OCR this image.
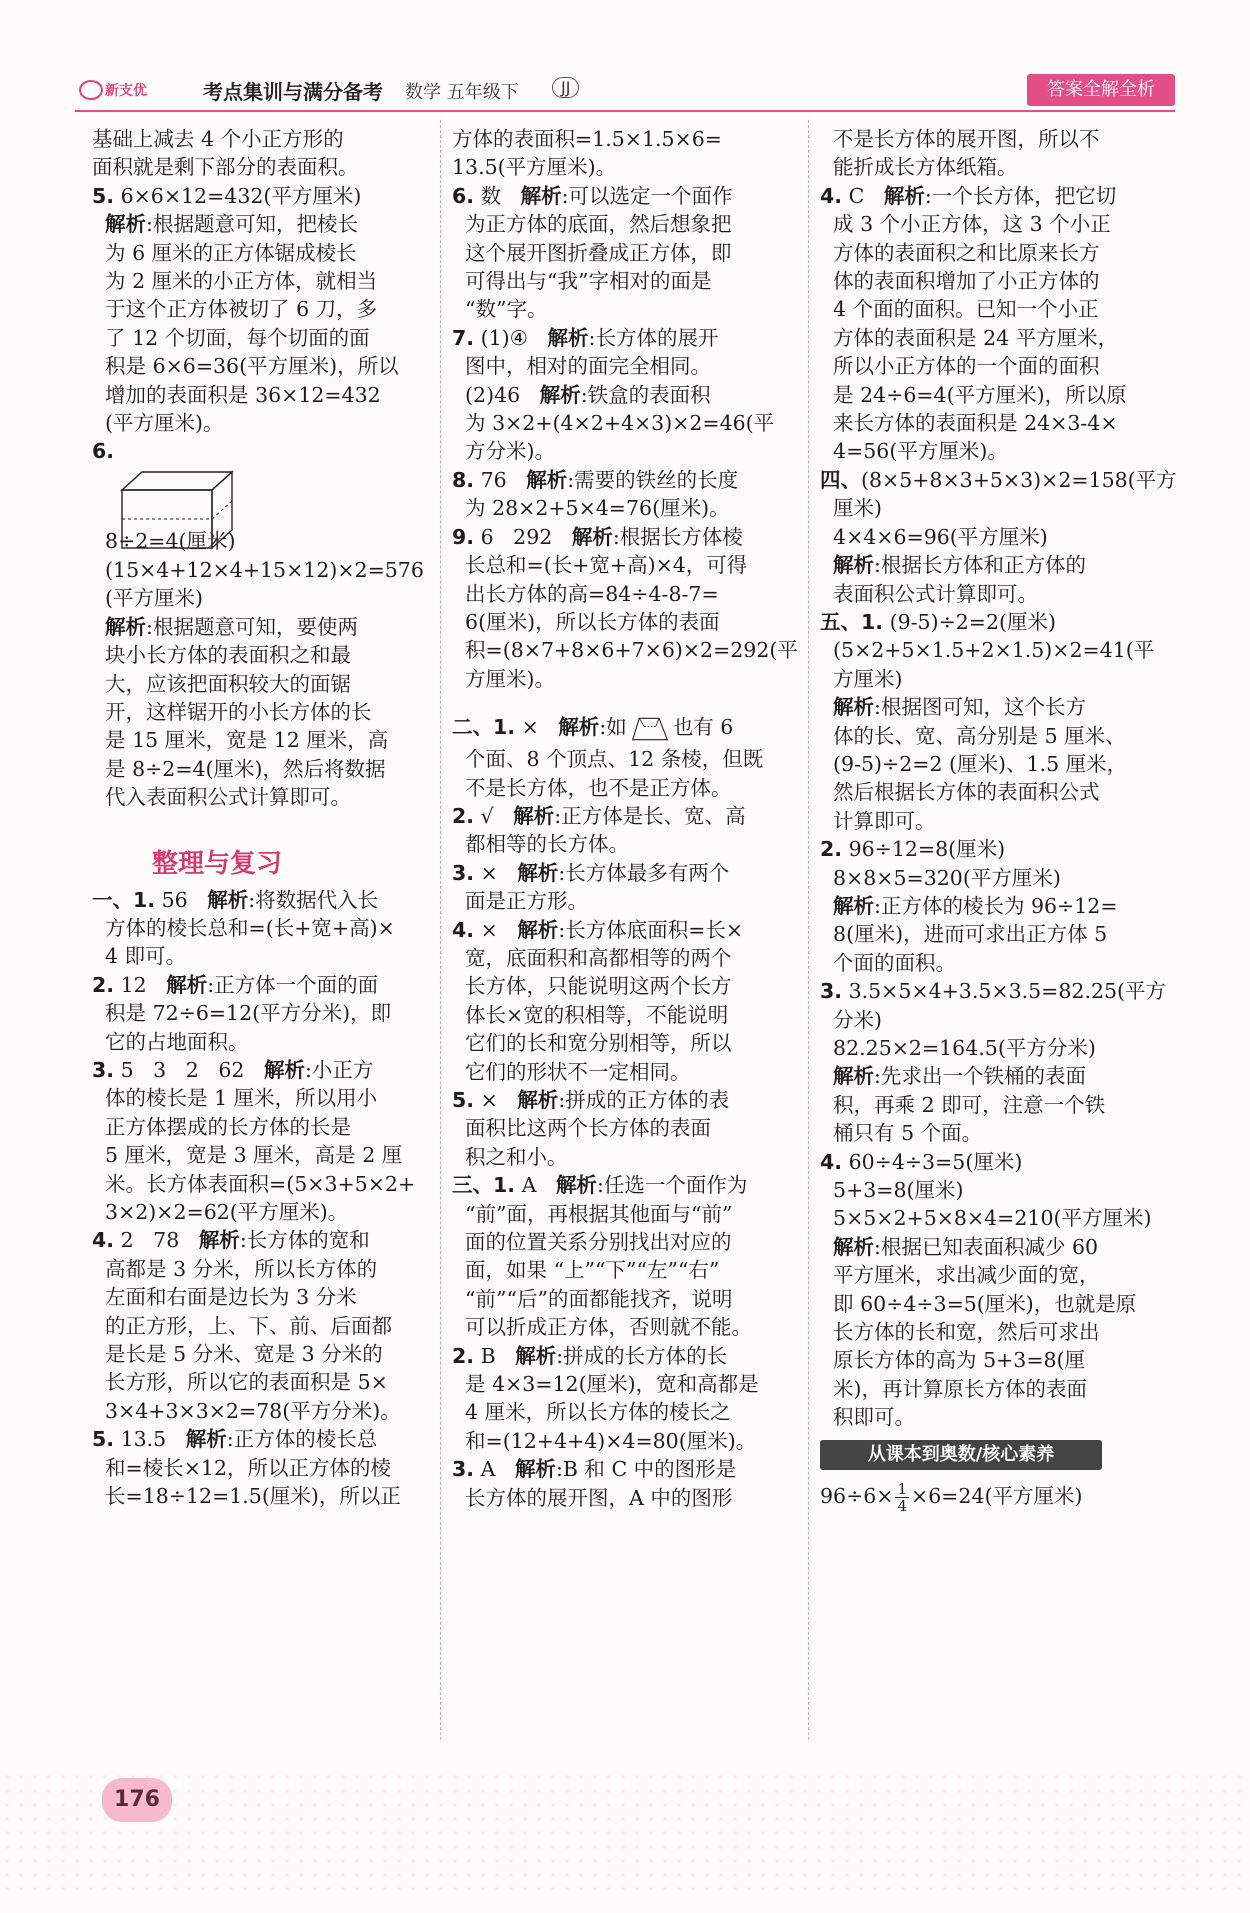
新支优	考点集训与满分备考 数学 五年级下	JJ	答案全解全析

基础上减去 4 个小正方形的

面积就是剩下部分的表面积。

5. 6×6×12=432(平方厘米)

解析:根据题意可知，把棱长

为 6 厘米的正方体锯成棱长

为 2 厘米的小正方体，就相当

于这个正方体被切了 6 刀，多

了 12 个切面，每个切面的面

积是 6×6=36(平方厘米)，所以

增加的表面积是 36×12=432

(平方厘米)。

6.

8÷2=4(厘米)

(15×4+12×4+15×12)×2=576

(平方厘米)

解析:根据题意可知，要使两

块小长方体的表面积之和最

大，应该把面积较大的面锯

开，这样锯开的小长方体的长

是 15 厘米，宽是 12 厘米，高

是 8÷2=4(厘米)，然后将数据

代入表面积公式计算即可。

整理与复习

一、1. 56   解析:将数据代入长

方体的棱长总和=(长+宽+高)×

4 即可。

2. 12   解析:正方体一个面的面

积是 72÷6=12(平方分米)，即

它的占地面积。

3. 5   3   2   62   解析:小正方

体的棱长是 1 厘米，所以用小

正方体摆成的长方体的长是

5 厘米，宽是 3 厘米，高是 2 厘

米。长方体表面积=(5×3+5×2+

3×2)×2=62(平方厘米)。

4. 2   78   解析:长方体的宽和

高都是 3 分米，所以长方体的

左面和右面是边长为 3 分米

的正方形，上、下、前、后面都

是长是 5 分米、宽是 3 分米的

长方形，所以它的表面积是 5×

3×4+3×3×2=78(平方分米)。

5. 13.5   解析:正方体的棱长总

和=棱长×12，所以正方体的棱

长=18÷12=1.5(厘米)，所以正

方体的表面积=1.5×1.5×6=

13.5(平方厘米)。

6. 数   解析:可以选定一个面作

为正方体的底面，然后想象把

这个展开图折叠成正方体，即

可得出与“我”字相对的面是

“数”字。

7. (1)④   解析:长方体的展开

图中，相对的面完全相同。

(2)46   解析:铁盒的表面积

为 3×2+(4×2+4×3)×2=46(平

方分米)。

8. 76   解析:需要的铁丝的长度

为 28×2+5×4=76(厘米)。

9. 6   292   解析:根据长方体棱

长总和=(长+宽+高)×4，可得

出长方体的高=84÷4-8-7=

6(厘米)，所以长方体的表面

积=(8×7+8×6+7×6)×2=292(平

方厘米)。

二、1. ×   解析:如 也有 6

个面、8 个顶点、12 条棱，但既

不是长方体，也不是正方体。

2. √   解析:正方体是长、宽、高

都相等的长方体。

3. ×   解析:长方体最多有两个

面是正方形。

4. ×   解析:长方体底面积=长×

宽，底面积和高都相等的两个

长方体，只能说明这两个长方

体长×宽的积相等，不能说明

它们的长和宽分别相等，所以

它们的形状不一定相同。

5. ×   解析:拼成的正方体的表

面积比这两个长方体的表面

积之和小。

三、1. A   解析:任选一个面作为

“前”面，再根据其他面与“前”

面的位置关系分别找出对应的

面，如果 “上”“下”“左”“右”

“前”“后”的面都能找齐，说明

可以折成正方体，否则就不能。

2. B   解析:拼成的长方体的长

是 4×3=12(厘米)，宽和高都是

4 厘米，所以长方体的棱长之

和=(12+4+4)×4=80(厘米)。

3. A   解析:B 和 C 中的图形是

长方体的展开图，A 中的图形

不是长方体的展开图，所以不

能折成长方体纸箱。

4. C   解析:一个长方体，把它切

成 3 个小正方体，这 3 个小正

方体的表面积之和比原来长方

体的表面积增加了小正方体的

4 个面的面积。已知一个小正

方体的表面积是 24 平方厘米，

所以小正方体的一个面的面积

是 24÷6=4(平方厘米)，所以原

来长方体的表面积是 24×3-4×

4=56(平方厘米)。

四、(8×5+8×3+5×3)×2=158(平方

厘米)

4×4×6=96(平方厘米)

解析:根据长方体和正方体的

表面积公式计算即可。

五、1. (9-5)÷2=2(厘米)

(5×2+5×1.5+2×1.5)×2=41(平

方厘米)

解析:根据图可知，这个长方

体的长、宽、高分别是 5 厘米、

(9-5)÷2=2 (厘米)、1.5 厘米，

然后根据长方体的表面积公式

计算即可。

2. 96÷12=8(厘米)

8×8×5=320(平方厘米)

解析:正方体的棱长为 96÷12=

8(厘米)，进而可求出正方体 5

个面的面积。

3. 3.5×5×4+3.5×3.5=82.25(平方

分米)

82.25×2=164.5(平方分米)

解析:先求出一个铁桶的表面

积，再乘 2 即可，注意一个铁

桶只有 5 个面。

4. 60÷4÷3=5(厘米)

5+3=8(厘米)

5×5×2+5×8×4=210(平方厘米)

解析:根据已知表面积减少 60

平方厘米，求出减少面的宽，

即 60÷4÷3=5(厘米)，也就是原

长方体的长和宽，然后可求出

原长方体的高为 5+3=8(厘

米)，再计算原长方体的表面

积即可。

从课本到奥数/核心素养

$96\div 6\times \frac{1}{4} \times 6=24$(平方厘米)

176
